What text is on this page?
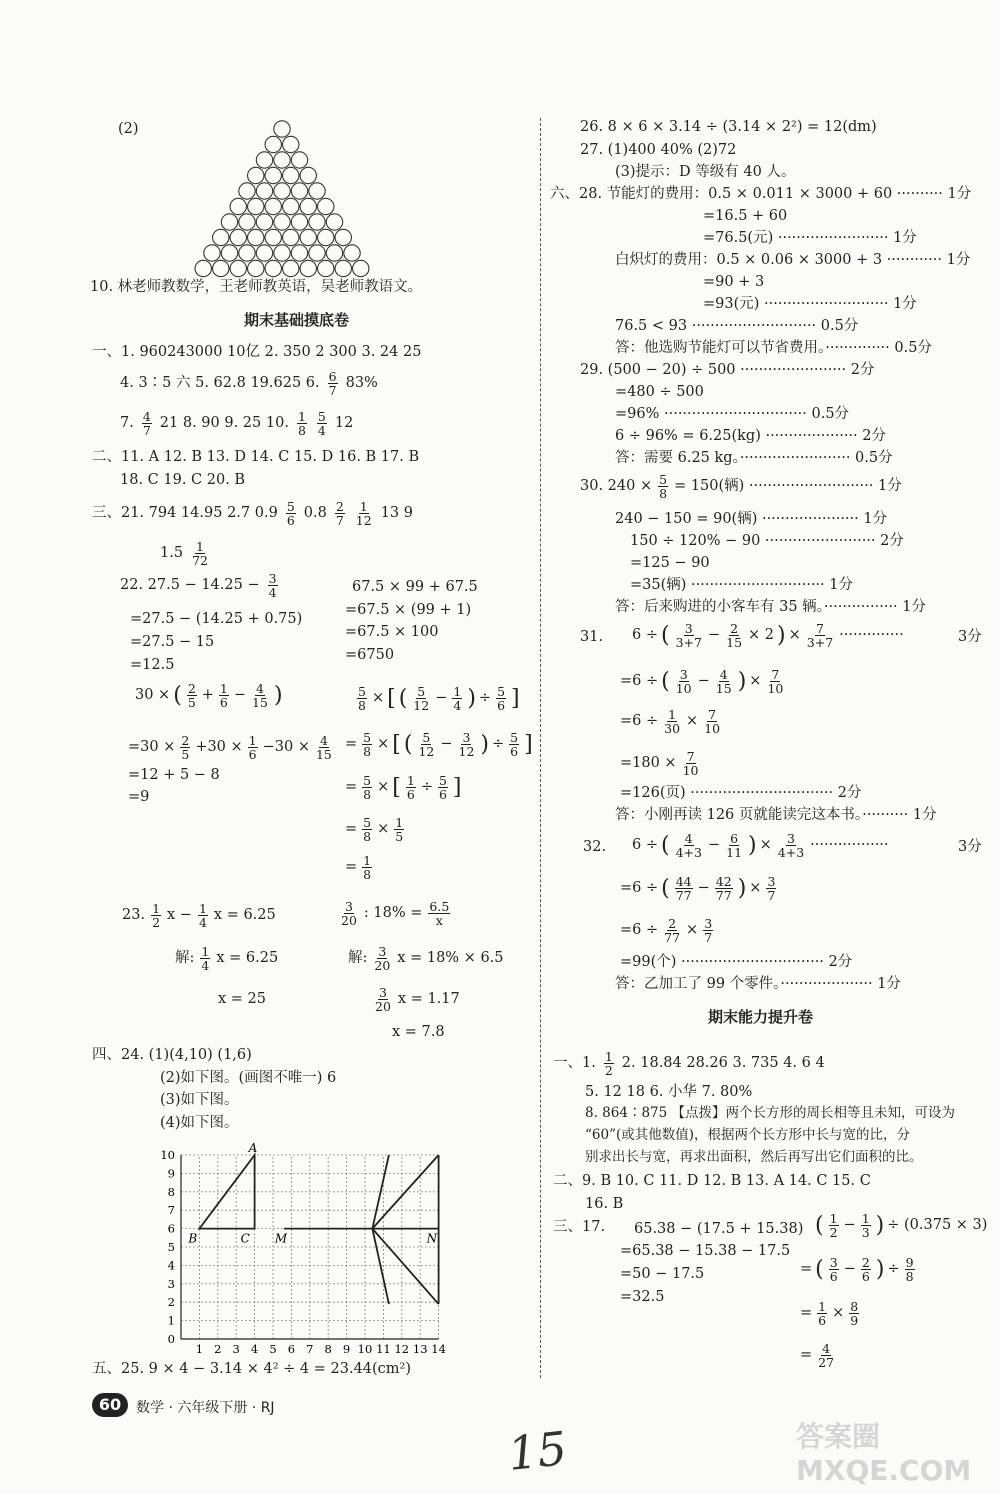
(2)
10. 林老师教数学，王老师教英语，吴老师教语文。
期末基础摸底卷
一、1. 960243000 10亿 2. 350 2 300 3. 24 25
4. 3∶5 六 5. 62.8 19.625 6. $\frac{6}{7} 83\%$
7. $\frac{4}{7} 21$ 8. 90 9. 25 10. $\frac{1}{8} \frac{5}{4} 12$
二、11. A 12. B 13. D 14. C 15. D 16. B 17. B
18. C 19. C 20. B
三、21. 794 14.95 2.7 $0.9 \frac{5}{6} 0.8 \frac{2}{7} \frac{1}{12} 13$ 9
$1.5 \frac{1}{72}$
22. $27.5 - 14.25 - \frac{3}{4}$
=27.5 − (14.25 + 0.75)
=27.5 − 15
=12.5
67.5 × 99 + 67.5
=67.5 × (99 + 1)
=67.5 × 100
=6750
30 × ( $\frac{2}{5} + \frac{1}{6} - \frac{4}{15}$ )
$=30 \times \frac{2}{5} +30 \times \frac{1}{6} -30 \times \frac{4}{15}$
=12 + 5 − 8
=9
$\frac{5}{8}$ × [ ( $\frac{5}{12} - \frac{1}{4}$ ) ÷ $\frac{5}{6}$ ]
= $\frac{5}{8}$ × [ ( $\frac{5}{12} - \frac{3}{12}$ ) ÷ $\frac{5}{6}$ ]
= $\frac{5}{8}$ × [ $\frac{1}{6} \div \frac{5}{6}$ ]
= $\frac{5}{8} \times \frac{1}{5}$
= $\frac{1}{8}$
23. $\frac{1}{2}$ $x - \frac{1}{4}$ x = 6.25
解: $\frac{1}{4}$ x = 6.25
x = 25
$\frac{3}{20}$ : $18\% = \frac{6.5}{x}$
解: $\frac{3}{20}$ x = 18% × 6.5
$\frac{3}{20}$ x = 1.17
x = 7.8
四、24. (1)(4,10) (1,6)
(2)如下图。(画图不唯一) 6
(3)如下图。
(4)如下图。
10
9
8
7
6
5
4
3
2
1
0
1 2 3 4 5 6 7 8 9 10 11 12 13 14
A
B	C M	N
五、25. 9 × 4 − 3.14 × 4² ÷ 4 = 23.44(cm²)
26. 8 × 6 × 3.14 ÷ (3.14 × 2²) = 12(dm)
27. (1)400 40% (2)72
(3)提示：D 等级有 40 人。
六、28. 节能灯的费用：0.5 × 0.011 × 3000 + 60 ·········· 1分
=16.5 + 60
=76.5(元) ························ 1分
白炽灯的费用：0.5 × 0.06 × 3000 + 3 ············ 1分
=90 + 3
=93(元) ··························· 1分
76.5 < 93 ··························· 0.5分
答：他选购节能灯可以节省费用。·············· 0.5分
29. (500 − 20) ÷ 500 ······················· 2分
=480 ÷ 500
=96% ······························· 0.5分
6 ÷ 96% = 6.25(kg) ···················· 2分
答：需要 6.25 kg。························ 0.5分
30. $240 \times \frac{5}{8} = 150$(辆) ··························· 1分
240 − 150 = 90(辆) ····················· 1分
150 ÷ 120% − 90 ························ 2分
=125 − 90
=35(辆) ····························· 1分
答：后来购进的小客车有 35 辆。················ 1分
31. 6 ÷ ( $\frac{3}{3+7} - \frac{2}{15} \times 2$ ) × $\frac{7}{3+7}$ ··············	3分
=6 ÷ ( $\frac{3}{10} - \frac{4}{15}$ ) × $\frac{7}{10}$
$=6 \div \frac{1}{30} \times \frac{7}{10}$
$=180 \times \frac{7}{10}$
=126(页) ······························· 2分
答：小刚再读 126 页就能读完这本书。·········· 1分
32. 6 ÷ ( $\frac{4}{4+3} - \frac{6}{11}$ ) × $\frac{3}{4+3}$ ·················	3分
=6 ÷ ( $\frac{44}{77} - \frac{42}{77}$ ) × $\frac{3}{7}$
$=6 \div \frac{2}{77} \times \frac{3}{7}$
=99(个) ······························· 2分
答：乙加工了 99 个零件。···················· 1分
期末能力提升卷
一、1. $\frac{1}{2} 2$. 18.84 28.26 3. 735 4. 6 4
5. 12 18 6. 小华 7. 80%
8. 864∶875 【点拨】两个长方形的周长相等且未知，可设为
“60”(或其他数值)，根据两个长方形中长与宽的比，分
别求出长与宽，再求出面积，然后再写出它们面积的比。
二、9. B 10. C 11. D 12. B 13. A 14. C 15. C
16. B
三、17. 65.38 − (17.5 + 15.38)
=65.38 − 15.38 − 17.5
=50 − 17.5
=32.5
( $\frac{1}{2} - \frac{1}{3}$ ) ÷ (0.375 × 3)
= ( $\frac{3}{6} - \frac{2}{6}$ ) ÷ $\frac{9}{8}$
= $\frac{1}{6} \times \frac{8}{9}$
= $\frac{4}{27}$
60	数学 · 六年级下册 · RJ
15	答案圈 MXQE.COM
